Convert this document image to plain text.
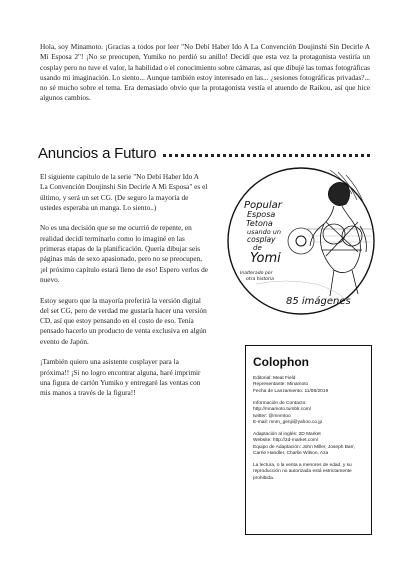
Hola, soy Minamoto. ¡Gracias a todos por leer "No Debí Haber Ido A La Convención Doujinshi Sin Decirle A Mi Esposa 2"! ¡No se preocupen, Yumiko no perdió su anillo! Decidí que esta vez la protagonista vestiría un cosplay pero no tuve el valor, la habilidad o el conocimiento sobre cámaras, así que dibujé las tomas fotográficas usando mi imaginación. Lo siento... Aunque también estoy interesado en las... ¿sesiones fotográficas privadas?... no sé mucho sobre el tema. Era demasiado obvio que la protagonista vestía el atuendo de Raikou, así que hice algunos cambios.

Anuncios a Futuro

El siguiente capítulo de la serie "No Debí Haber Ido A La Convención Doujinshi Sin Decirle A Mi Esposa" es el último, y será un set CG. (De seguro la mayoría de ustedes esperaba un manga. Lo siento..)

No es una decisión que se me ocurrió de repente, en realidad decidí terminarlo como lo imaginé en las primeras etapas de la planificación. Quería dibujar seis páginas más de sexo apasionado, pero no se preocupen, ¡el próximo capítulo estará lleno de eso! Espero verlos de nuevo.

Estoy seguro que la mayoría preferirá la versión digital del set CG, pero de verdad me gustaría hacer una versión CD, así que estoy pensando en el costo de eso. Tenía pensado hacerlo un producto de venta exclusiva en algún evento de Japón.

¡También quiero una asistente cosplayer para la próxima!! ¡Si no logro encontrar alguna, haré imprimir una figura de cartón Yumiko y entregaré las ventas con mis manos a través de la figura!!

Popular
Esposa
Tetona
usando un
cosplay
de
Yomi
Inalterado por
otra historia
85 imágenes
Colophon
Editorial: Meat Field
Representante: Minamoto
Fecha de Lanzamiento: 11/08/2019
Información de Contacto:
http://mnamoto.tumblr.com/
twitter: @mnmtoo
E-mail: mnm_genji@yahoo.co.jp
Adaptación al inglés: 2D Market
Website: http://2d-market.com/
Equipo de Adaptación: John Miller, Joseph Barr, Carrie Handler, Charlie Wilson, Aza
La lectura, o la venta a menores de edad, y su reproducción no autorizada está estrictamente prohibida.
